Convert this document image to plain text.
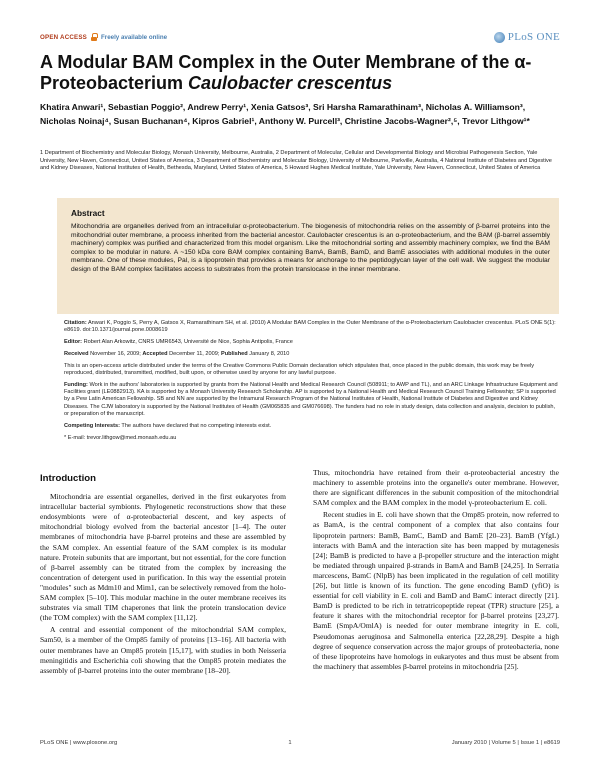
OPEN ACCESS Freely available online	PLoS ONE
A Modular BAM Complex in the Outer Membrane of the α-Proteobacterium Caulobacter crescentus
Khatira Anwari¹, Sebastian Poggio², Andrew Perry¹, Xenia Gatsos³, Sri Harsha Ramarathinam³, Nicholas A. Williamson³, Nicholas Noinaj⁴, Susan Buchanan⁴, Kipros Gabriel¹, Anthony W. Purcell³, Christine Jacobs-Wagner²,⁵, Trevor Lithgow¹*
1 Department of Biochemistry and Molecular Biology, Monash University, Melbourne, Australia, 2 Department of Molecular, Cellular and Developmental Biology and Microbial Pathogenesis Section, Yale University, New Haven, Connecticut, United States of America, 3 Department of Biochemistry and Molecular Biology, University of Melbourne, Parkville, Australia, 4 National Institute of Diabetes and Digestive and Kidney Diseases, National Institutes of Health, Bethesda, Maryland, United States of America, 5 Howard Hughes Medical Institute, Yale University, New Haven, Connecticut, United States of America
Abstract

Mitochondria are organelles derived from an intracellular α-proteobacterium. The biogenesis of mitochondria relies on the assembly of β-barrel proteins into the mitochondrial outer membrane, a process inherited from the bacterial ancestor. Caulobacter crescentus is an α-proteobacterium, and the BAM (β-barrel assembly machinery) complex was purified and characterized from this model organism. Like the mitochondrial sorting and assembly machinery complex, we find the BAM complex to be modular in nature. A ~150 kDa core BAM complex containing BamA, BamB, BamD, and BamE associates with additional modules in the outer membrane. One of these modules, Pal, is a lipoprotein that provides a means for anchorage to the peptidoglycan layer of the cell wall. We suggest the modular design of the BAM complex facilitates access to substrates from the protein translocase in the inner membrane.

Citation: Anwari K, Poggio S, Perry A, Gatsos X, Ramarathinam SH, et al. (2010) A Modular BAM Complex in the Outer Membrane of the α-Proteobacterium Caulobacter crescentus. PLoS ONE 5(1): e8619. doi:10.1371/journal.pone.0008619
Editor: Robert Alan Arkowitz, CNRS UMR6543, Université de Nice, Sophia Antipolis, France
Received November 16, 2009; Accepted December 11, 2009; Published January 8, 2010
This is an open-access article distributed under the terms of the Creative Commons Public Domain declaration which stipulates that, once placed in the public domain, this work may be freely reproduced, distributed, transmitted, modified, built upon, or otherwise used by anyone for any lawful purpose.
Funding: Work in the authors' laboratories is supported by grants from the National Health and Medical Research Council (508911; to AWP and TL), and an ARC Linkage Infrastructure Equipment and Facilities grant (LE0882913). KA is supported by a Monash University Research Scholarship. AP is supported by a National Health and Medical Research Council Training Fellowship; SP is supported by a Pew Latin American Fellowship. SB and NN are supported by the Intramural Research Program of the National Institutes of Health, National Institute of Diabetes and Digestive and Kidney Diseases. The CJW laboratory is supported by the National Institutes of Health (GM065835 and GM076698). The funders had no role in study design, data collection and analysis, decision to publish, or preparation of the manuscript.
Competing Interests: The authors have declared that no competing interests exist.
* E-mail: trevor.lithgow@med.monash.edu.au
Introduction

Mitochondria are essential organelles, derived in the first eukaryotes from intracellular bacterial symbionts. Phylogenetic reconstructions show that these endosymbionts were of α-proteobacterial descent, and key aspects of mitochondrial biology evolved from the bacterial ancestor [1–4]. The outer membranes of mitochondria have β-barrel proteins and these are assembled by the SAM complex. An essential feature of the SAM complex is its modular nature. Protein subunits that are important, but not essential, for the core function of β-barrel assembly can be titrated from the complex by increasing the concentration of detergent used in purification. In this way the essential protein "modules" such as Mdm10 and Mim1, can be selectively removed from the holo-SAM complex [5–10]. This modular machine in the outer membrane receives its substrates via small TIM chaperones that link the protein translocation device (the TOM complex) with the SAM complex [11,12].

A central and essential component of the mitochondrial SAM complex, Sam50, is a member of the Omp85 family of proteins [13–16]. All bacteria with outer membranes have an Omp85 protein [15,17], with studies in both Neisseria meningitidis and Escherichia coli showing that the Omp85 protein mediates the assembly of β-barrel proteins into the outer membrane [18–20].

Thus, mitochondria have retained from their α-proteobacterial ancestry the machinery to assemble proteins into the organelle's outer membrane. However, there are significant differences in the subunit composition of the mitochondrial SAM complex and the BAM complex in the model γ-proteobacterium E. coli.

Recent studies in E. coli have shown that the Omp85 protein, now referred to as BamA, is the central component of a complex that also contains four lipoprotein partners: BamB, BamC, BamD and BamE [20–23]. BamB (YfgL) interacts with BamA and the interaction site has been mapped by mutagenesis [24]; BamB is predicted to have a β-propeller structure and the interaction might be mediated through unpaired β-strands in BamA and BamB [24,25]. In Serratia marcescens, BamC (NlpB) has been implicated in the regulation of cell motility [26], but little is known of its function. The gene encoding BamD (yfiO) is essential for cell viability in E. coli and BamD and BamC interact directly [21]. BamD is predicted to be rich in tetratricopeptide repeat (TPR) structure [25], a feature it shares with the mitochondrial receptor for β-barrel proteins [23,27]. BamE (SmpA/OmlA) is needed for outer membrane integrity in E. coli, Pseudomonas aeruginosa and Salmonella enterica [22,28,29]. Despite a high degree of sequence conservation across the major groups of proteobacteria, none of these lipoproteins have homologs in eukaryotes and thus must be absent from the machinery that assembles β-barrel proteins in mitochondria [25].

PLoS ONE | www.plosone.org	1	January 2010 | Volume 5 | Issue 1 | e8619
